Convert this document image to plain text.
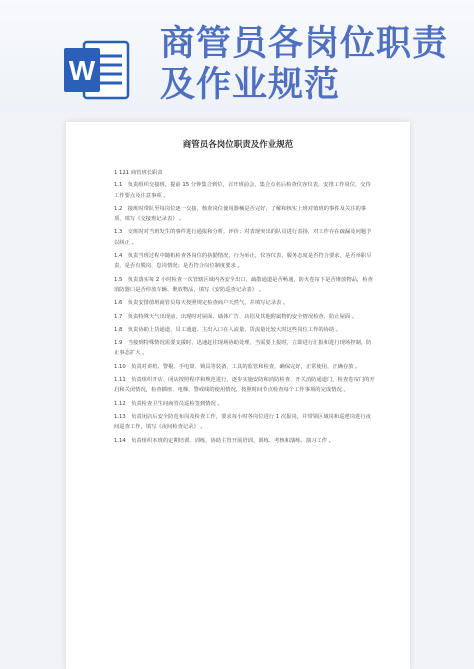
W
商管员各岗位职责
及作业规范

商管员各岗位职责及作业规范
1 121 商管班长职责
1.1　负责组织交接班，提前 15 分钟集合到位，召开班前会，集合点名后检查仪容仪表，安排工作岗位，交待工作要点及注意事项 。
1.2　接班时带队至每岗位逐一交接，核查岗位使用器械是否完好，了解和核实上班对值班的事件及关注的事项，填写《交接班记录表》 。
1.3　交班时对当班发生的事件进行通报和分析，评价；对表现突出的队员进行表扬，对工作存在疏漏及问题予以纠正 。
1.4　负责当班过程中随机检查各岗位的执勤情况，行为举止，仪容仪表，服务态度是否符合要求，是否举职尽责，是否有脱岗，怠岗情况；是否符合岗位制度要求 。
1.5　负责落实每 2 小时检查一次管辖区域内各安全出口，疏散通道是否畅通，防火卷帘下是否堆放物品，检查消防器口是否停放车辆、堆放物品，填写《安防巡查记录表》 。
1.6　负责安排值班商管员每天按照规定检查商户天然气，并填写记录表 。
1.7　负责特殊天气出现前，出现时对屋面、墙体广告、店招及其他附属物的安全情况检查，防止屋面 。
1.8　负责协助上货通道、员工通道、主出入口在人流量、货流量比较大时这些岗位工作的协助 。
1.9　当接到特殊情况需要支援时，迅速赶往现场协助处理，当需要上报时，立即进行汇报和进行现场控制，防止事态扩大 。
1.10　负责对讲机、警棍、手电筒、锁具等装备，工具的监管和检查，确保完好，正常使用，正确存放 。
1.11　负责组织开店、闭店按照程序和规范进行，逐步实施安防和消防检查、开关消防通道门，检查卷帘门的开启和关闭情况，检查插座、电梯，警戒线的使用情况，按照时间节点检查每个工作事项的完成情况 。
1.12　负责检查卫生间商管员巡检签到情况 。
1.13　负责闭店后安全防范布岗及检查工作，要求每小时各岗位进行 1 次报岗，并带领区域岗和巡逻岗进行夜间巡查工作，填写《夜间检查记录》 。
1.14　负责组织本班的定期培训、训练，协助主管开展培训、训练、考核和演练、演习工作 。
